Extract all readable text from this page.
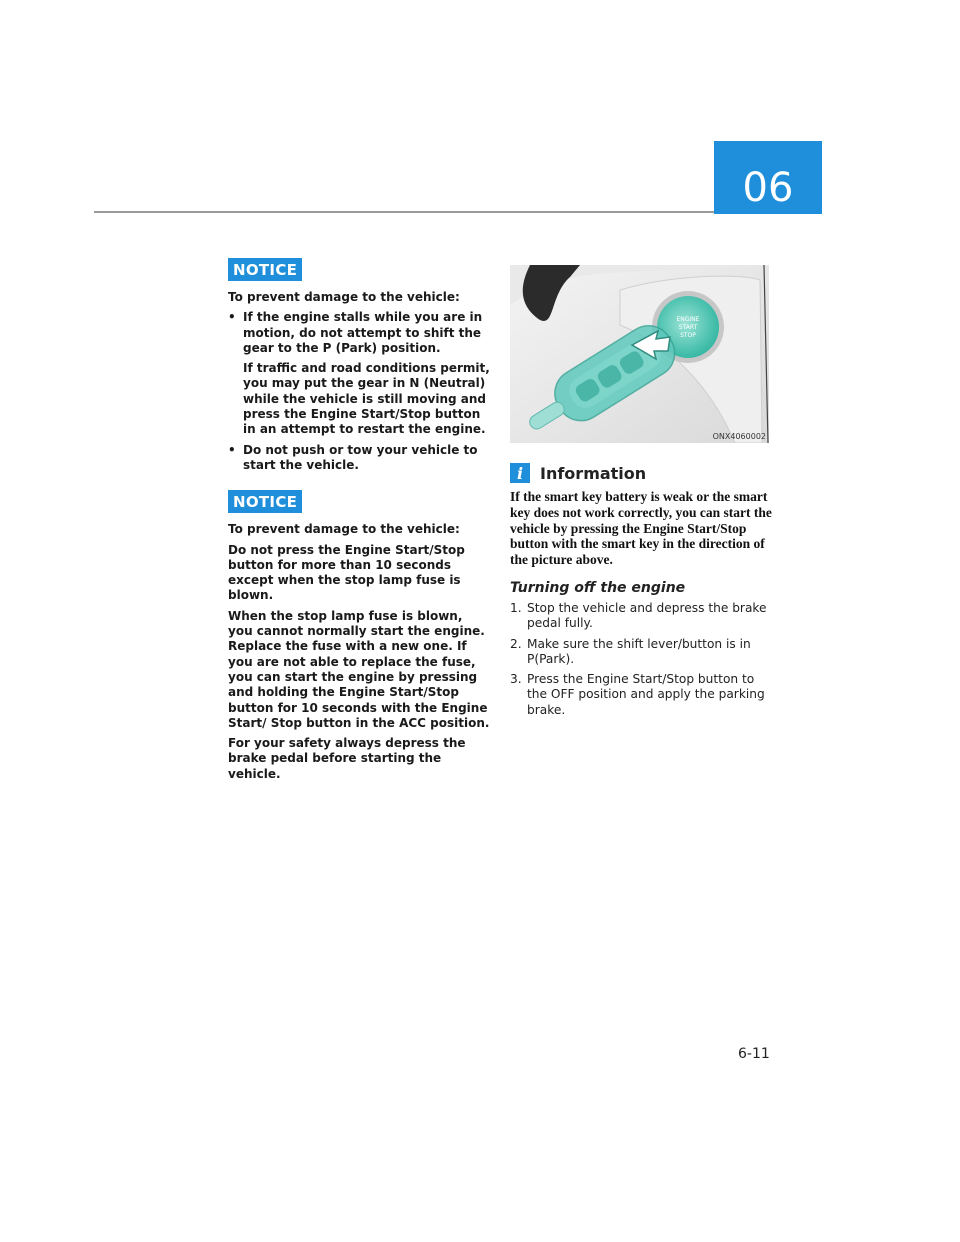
06
NOTICE

To prevent damage to the vehicle:

• If the engine stalls while you are in motion, do not attempt to shift the gear to the P (Park) position.

If traffic and road conditions permit, you may put the gear in N (Neutral) while the vehicle is still moving and press the Engine Start/Stop button in an attempt to restart the engine.

• Do not push or tow your vehicle to start the vehicle.
NOTICE

To prevent damage to the vehicle:

Do not press the Engine Start/Stop button for more than 10 seconds except when the stop lamp fuse is blown.

When the stop lamp fuse is blown, you cannot normally start the engine. Replace the fuse with a new one. If you are not able to replace the fuse, you can start the engine by pressing and holding the Engine Start/Stop button for 10 seconds with the Engine Start/ Stop button in the ACC position.

For your safety always depress the brake pedal before starting the vehicle.

ENGINE
START
STOP
ONX4060002
i	Information

If the smart key battery is weak or the smart key does not work correctly, you can start the vehicle by pressing the Engine Start/Stop button with the smart key in the direction of the picture above.

Turning off the engine
1. Stop the vehicle and depress the brake pedal fully.
2. Make sure the shift lever/button is in P(Park).
3. Press the Engine Start/Stop button to the OFF position and apply the parking brake.
6-11
